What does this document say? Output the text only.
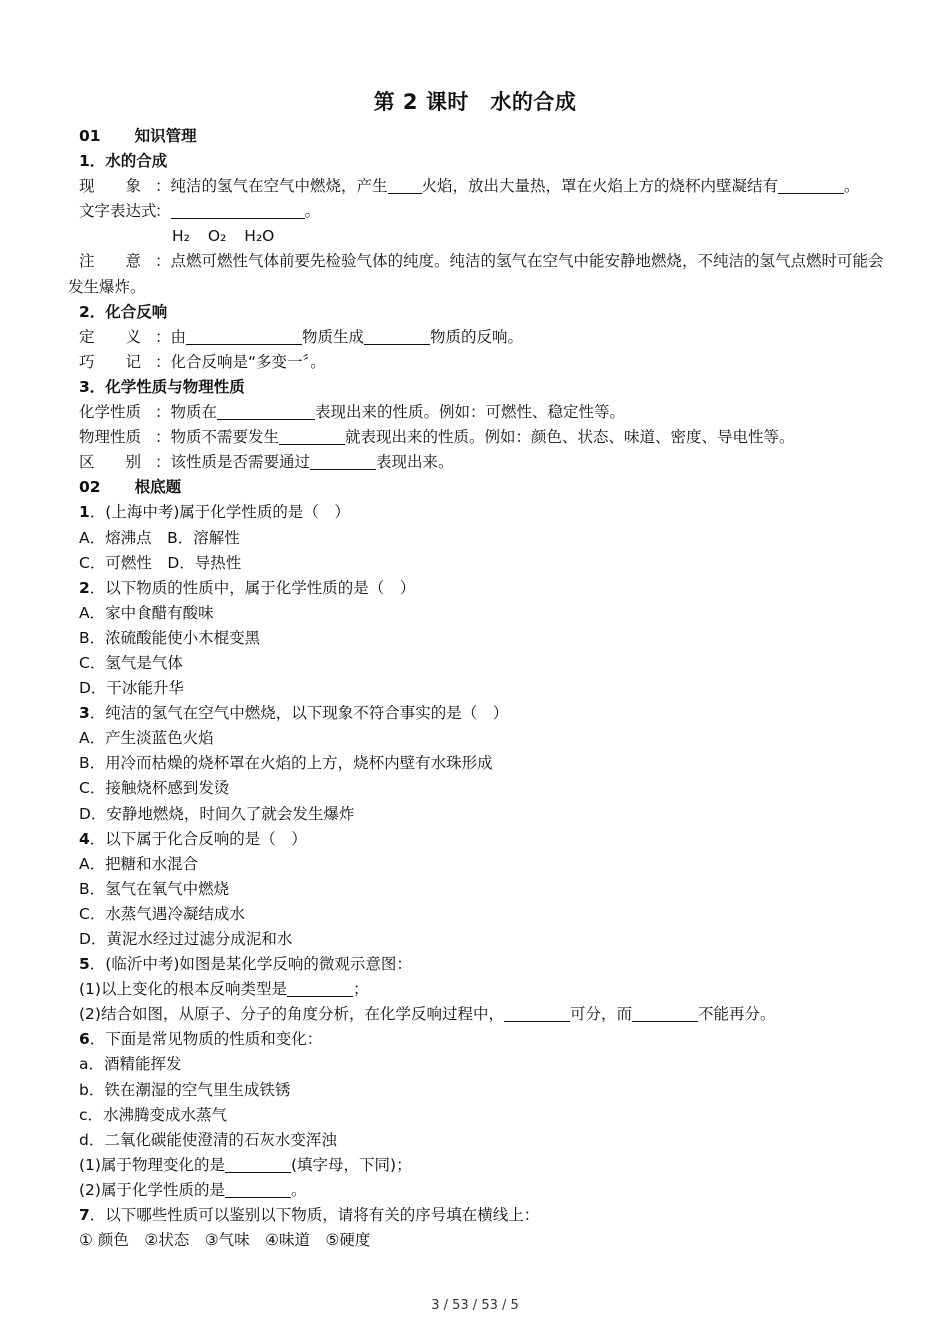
第 2 课时　水的合成
01 知识管理
1．水的合成
现　　象 ：纯洁的氢气在空气中燃烧，产生 火焰，放出大量热，罩在火焰上方的烧杯内壁凝结有	。
文字表达式：	。
H₂ O₂ H₂O
注　　意 ：点燃可燃性气体前要先检验气体的纯度。纯洁的氢气在空气中能安静地燃烧，不纯洁的氢气点燃时可能会发生爆炸。
2．化合反响
定　　义 ：由	物质生成	物质的反响。
巧　　记 ：化合反响是“多变一〞。
3．化学性质与物理性质
化学性质 ：物质在	表现出来的性质。例如：可燃性、稳定性等。
物理性质 ：物质不需要发生	就表现出来的性质。例如：颜色、状态、味道、密度、导电性等。
区　　别 ：该性质是否需要通过	表现出来。
02 根底题
1．(上海中考)属于化学性质的是（　）
A．熔沸点　B．溶解性
C．可燃性　D．导热性
2．以下物质的性质中，属于化学性质的是（　）
A．家中食醋有酸味
B．浓硫酸能使小木棍变黑
C．氢气是气体
D．干冰能升华
3．纯洁的氢气在空气中燃烧，以下现象不符合事实的是（　）
A．产生淡蓝色火焰
B．用冷而枯燥的烧杯罩在火焰的上方，烧杯内壁有水珠形成
C．接触烧杯感到发烫
D．安静地燃烧，时间久了就会发生爆炸
4．以下属于化合反响的是（　）
A．把糖和水混合
B．氢气在氧气中燃烧
C．水蒸气遇冷凝结成水
D．黄泥水经过过滤分成泥和水
5．(临沂中考)如图是某化学反响的微观示意图：
(1)以上变化的根本反响类型是	；
(2)结合如图，从原子、分子的角度分析，在化学反响过程中，	可分，而	不能再分。
6．下面是常见物质的性质和变化：
a．酒精能挥发
b．铁在潮湿的空气里生成铁锈
c．水沸腾变成水蒸气
d．二氧化碳能使澄清的石灰水变浑浊
(1)属于物理变化的是	(填字母，下同)；
(2)属于化学性质的是	。
7．以下哪些性质可以鉴别以下物质，请将有关的序号填在横线上：
① 颜色　②状态　③气味　④味道　⑤硬度
3 / 53 / 53 / 5
